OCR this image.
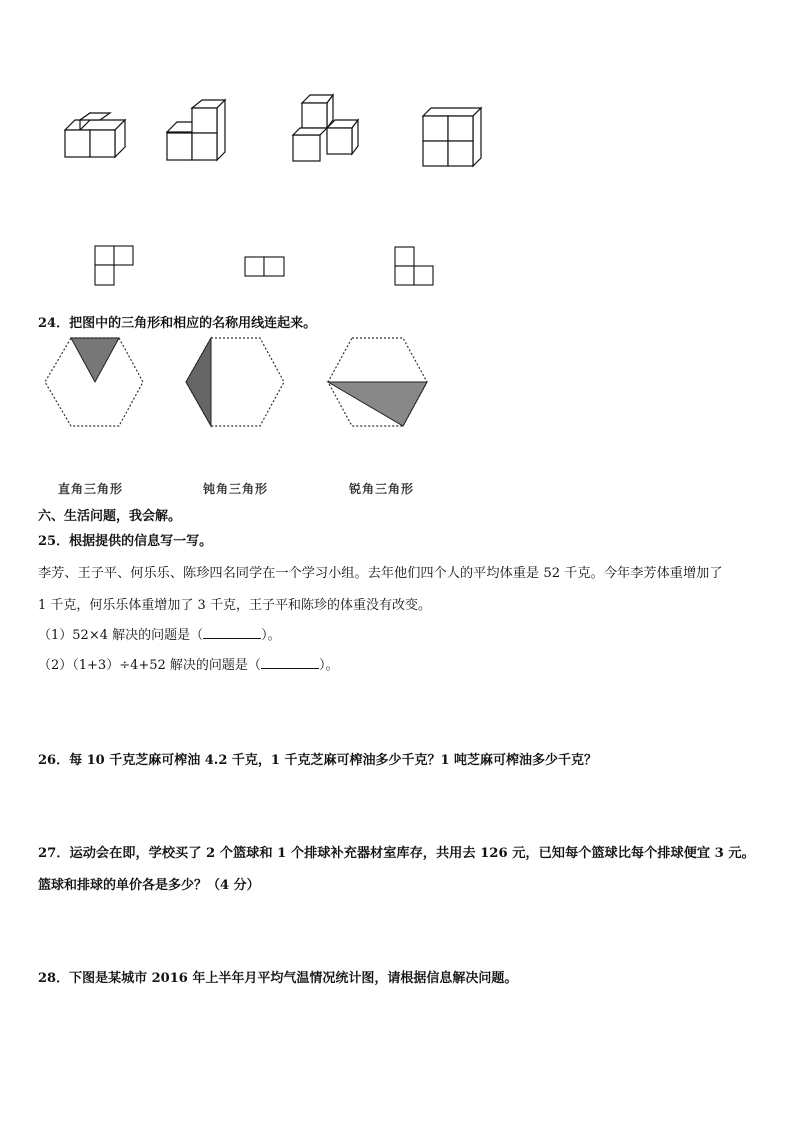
24．把图中的三角形和相应的名称用线连起来。
直角三角形	钝角三角形	锐角三角形
六、生活问题，我会解。
25．根据提供的信息写一写。
李芳、王子平、何乐乐、陈珍四名同学在一个学习小组。去年他们四个人的平均体重是 52 千克。今年李芳体重增加了
1 千克，何乐乐体重增加了 3 千克，王子平和陈珍的体重没有改变。
（1）52×4 解决的问题是（	）。
（2）（1+3）÷4+52 解决的问题是（	）。
26．每 10 千克芝麻可榨油 4.2 千克，1 千克芝麻可榨油多少千克？1 吨芝麻可榨油多少千克？
27．运动会在即，学校买了 2 个篮球和 1 个排球补充器材室库存，共用去 126 元，已知每个篮球比每个排球便宜 3 元。
篮球和排球的单价各是多少？（4 分）
28．下图是某城市 2016 年上半年月平均气温情况统计图，请根据信息解决问题。
